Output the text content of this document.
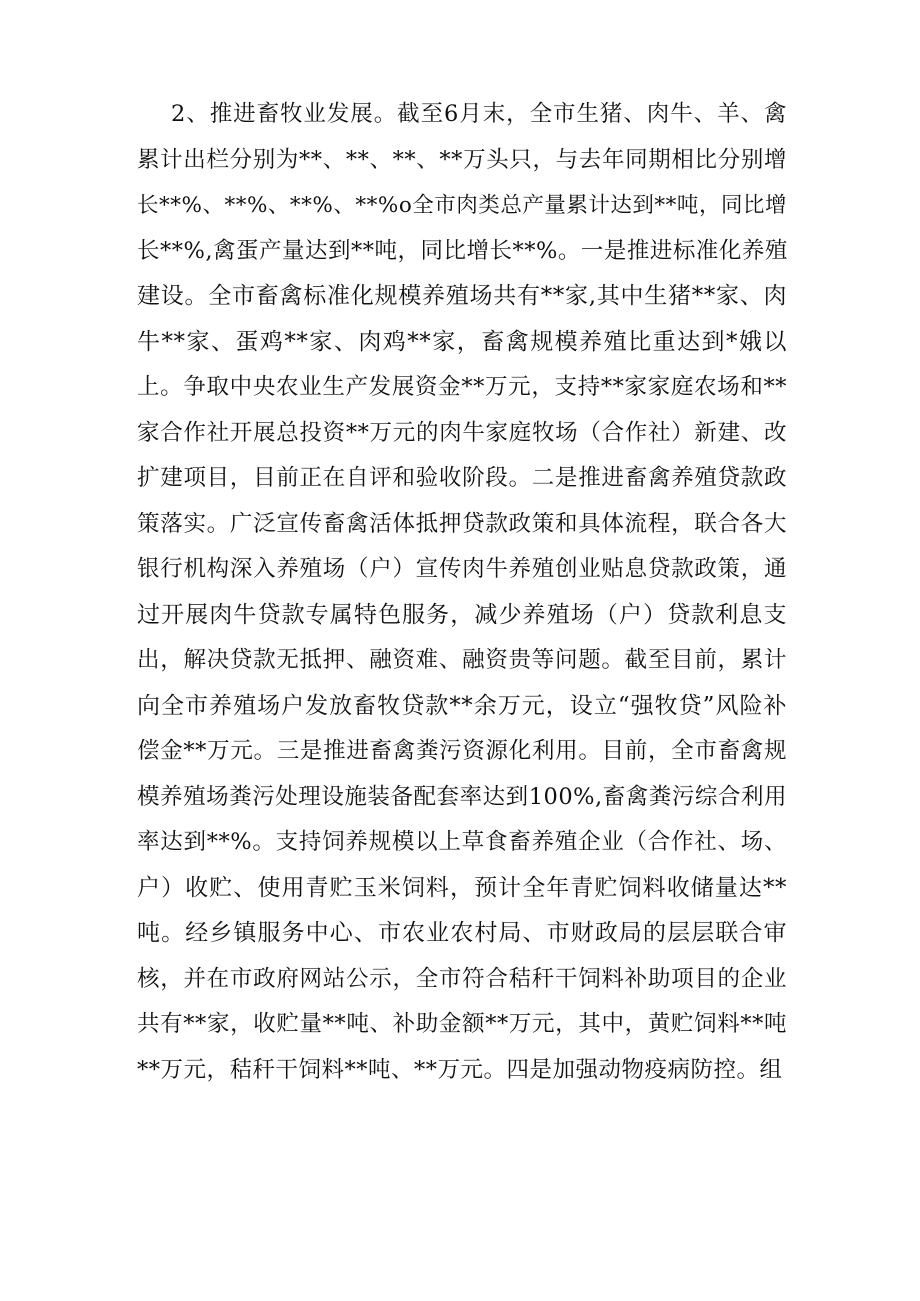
2、推进畜牧业发展。截至6月末，全市生猪、肉牛、羊、禽
累计出栏分别为**、**、**、**万头只，与去年同期相比分别增
长**%、**%、**%、**%o全市肉类总产量累计达到**吨，同比增
长**%,禽蛋产量达到**吨，同比增长**%。一是推进标准化养殖
建设。全市畜禽标准化规模养殖场共有**家,其中生猪**家、肉
牛**家、蛋鸡**家、肉鸡**家，畜禽规模养殖比重达到*娥以
上。争取中央农业生产发展资金**万元，支持**家家庭农场和**
家合作社开展总投资**万元的肉牛家庭牧场（合作社）新建、改
扩建项目，目前正在自评和验收阶段。二是推进畜禽养殖贷款政
策落实。广泛宣传畜禽活体抵押贷款政策和具体流程，联合各大
银行机构深入养殖场（户）宣传肉牛养殖创业贴息贷款政策，通
过开展肉牛贷款专属特色服务，减少养殖场（户）贷款利息支
出，解决贷款无抵押、融资难、融资贵等问题。截至目前，累计
向全市养殖场户发放畜牧贷款**余万元，设立“强牧贷”风险补
偿金**万元。三是推进畜禽粪污资源化利用。目前，全市畜禽规
模养殖场粪污处理设施装备配套率达到100%,畜禽粪污综合利用
率达到**%。支持饲养规模以上草食畜养殖企业（合作社、场、
户）收贮、使用青贮玉米饲料，预计全年青贮饲料收储量达**
吨。经乡镇服务中心、市农业农村局、市财政局的层层联合审
核，并在市政府网站公示，全市符合秸秆干饲料补助项目的企业
共有**家，收贮量**吨、补助金额**万元，其中，黄贮饲料**吨
**万元，秸秆干饲料**吨、**万元。四是加强动物疫病防控。组
